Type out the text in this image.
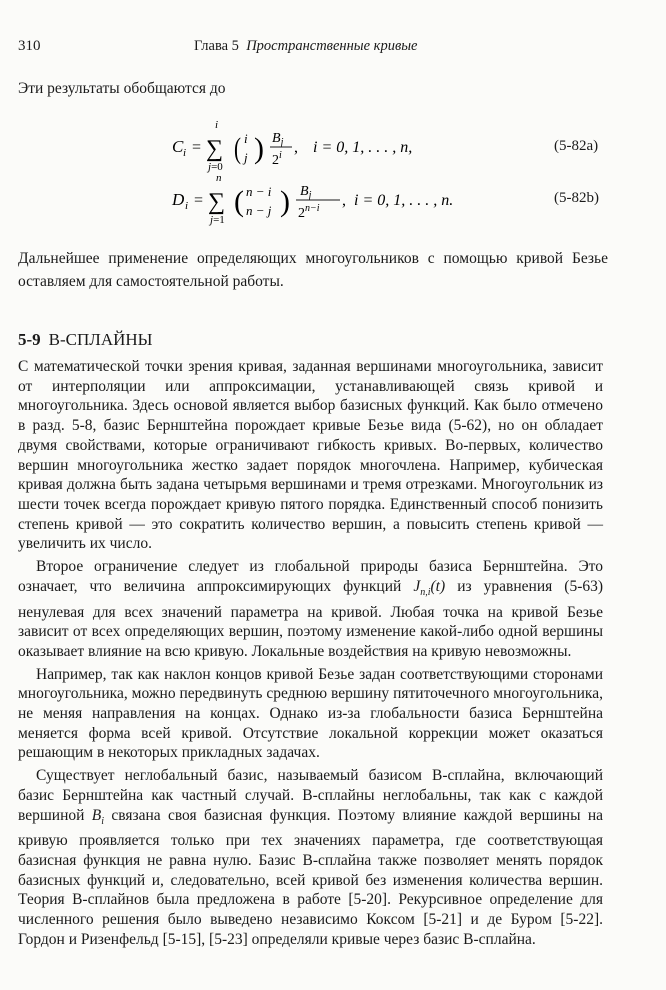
310	Глава 5 Пространственные кривые
Эти результаты обобщаются до
C i =
i
∑
j=0
( i
j ) $B_j$
2$^i$ , i = 0, 1, . . . , n,	(5-82a)
D i =
n
∑
j=1
( n − i
n − j ) $B_j$
$2^{n-i}$ , i = 0, 1, . . . , n.	(5-82b)
Дальнейшее применение определяющих многоугольников с помощью кривой Безье оставляем для самостоятельной работы.
5-9 В-СПЛАЙНЫ

С математической точки зрения кривая, заданная вершинами многоугольника, зависит от интерполяции или аппроксимации, устанавливающей связь кривой и многоугольника. Здесь основой является выбор базисных функций. Как было отмечено в разд. 5-8, базис Бернштейна порождает кривые Безье вида (5-62), но он обладает двумя свойствами, которые ограничивают гибкость кривых. Во-первых, количество вершин многоугольника жестко задает порядок многочлена. Например, кубическая кривая должна быть задана четырьмя вершинами и тремя отрезками. Многоугольник из шести точек всегда порождает кривую пятого порядка. Единственный способ понизить степень кривой — это сократить количество вершин, а повысить степень кривой — увеличить их число.

Второе ограничение следует из глобальной природы базиса Бернштейна. Это означает, что величина аппроксимирующих функций $J_{n,i}(t)$ из уравнения (5-63) ненулевая для всех значений параметра на кривой. Любая точка на кривой Безье зависит от всех определяющих вершин, поэтому изменение какой-либо одной вершины оказывает влияние на всю кривую. Локальные воздействия на кривую невозможны.

Например, так как наклон концов кривой Безье задан соответствующими сторонами многоугольника, можно передвинуть среднюю вершину пятиточечного многоугольника, не меняя направления на концах. Однако из-за глобальности базиса Бернштейна меняется форма всей кривой. Отсутствие локальной коррекции может оказаться решающим в некоторых прикладных задачах.

Существует неглобальный базис, называемый базисом В-сплайна, включающий базис Бернштейна как частный случай. В-сплайны неглобальны, так как с каждой вершиной $B_i$ связана своя базисная функция. Поэтому влияние каждой вершины на кривую проявляется только при тех значениях параметра, где соответствующая базисная функция не равна нулю. Базис В-сплайна также позволяет менять порядок базисных функций и, следовательно, всей кривой без изменения количества вершин. Теория В-сплайнов была предложена в работе [5-20]. Рекурсивное определение для численного решения было выведено независимо Коксом [5-21] и де Буром [5-22]. Гордон и Ризенфельд [5-15], [5-23] определяли кривые через базис В-сплайна.
